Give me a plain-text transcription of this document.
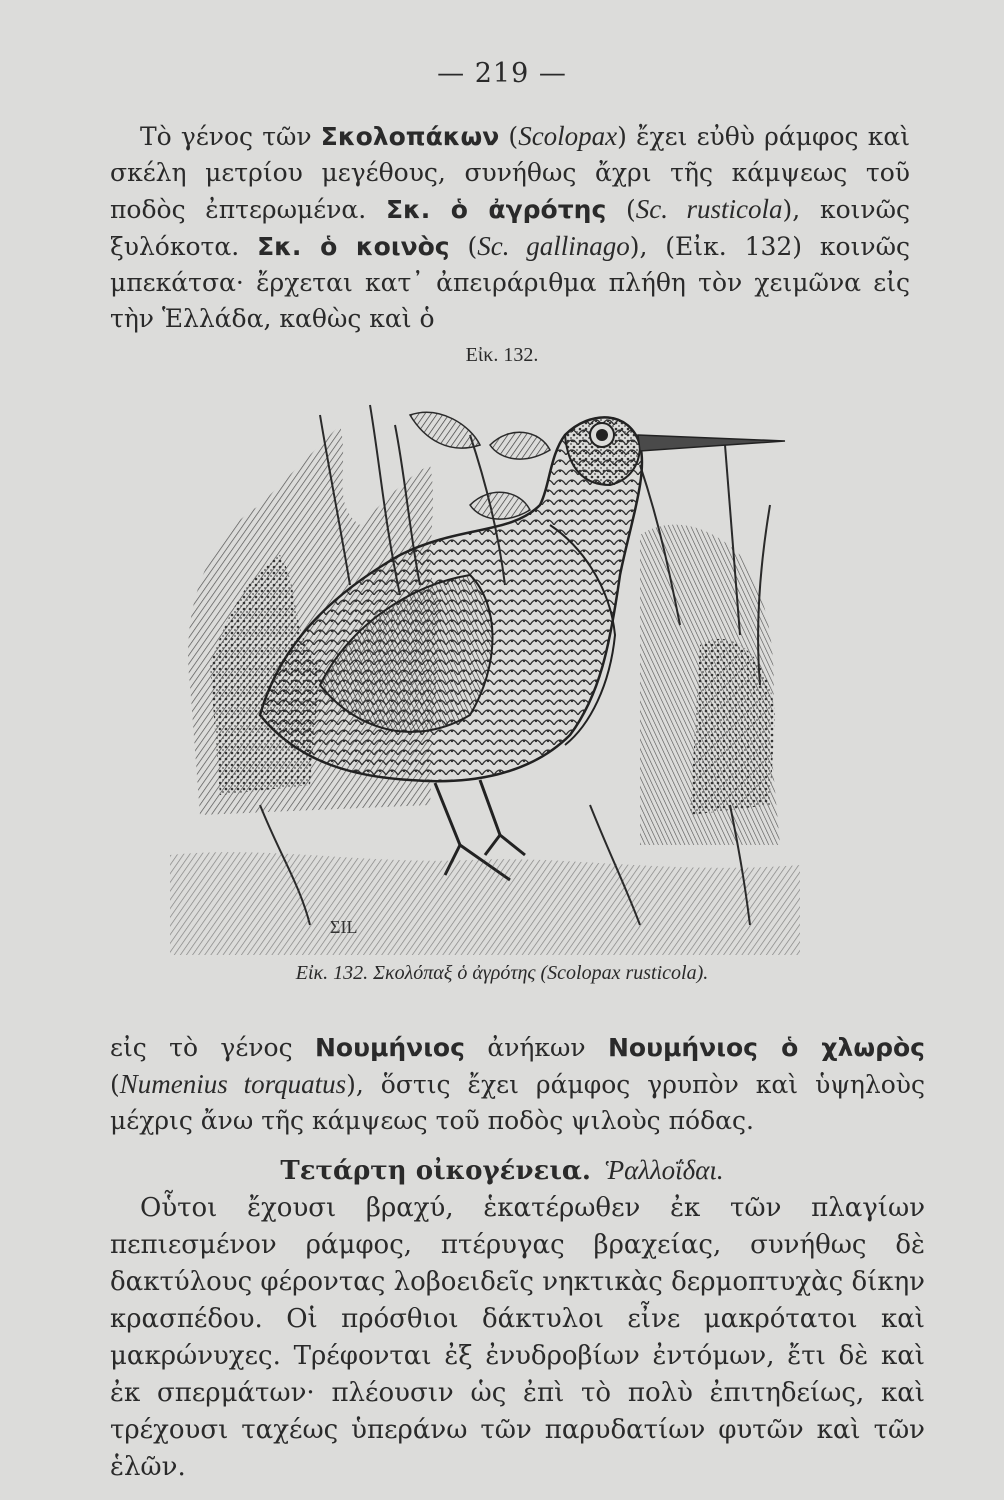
— 219 —
Τὸ γένος τῶν Σκολοπάκων (Scolopax) ἔχει εὐθὺ ράμφος καὶ σκέλη μετρίου μεγέθους, συνήθως ἄχρι τῆς κάμψεως τοῦ ποδὸς ἐπτερωμένα. Σκ. ὁ ἀγρότης (Sc. rusticola), κοινῶς ξυλόκοτα. Σκ. ὁ κοινὸς (Sc. gallinago), (Εἰκ. 132) κοινῶς μπεκάτσα· ἔρχεται κατ᾽ ἀπειράριθμα πλήθη τὸν χειμῶνα εἰς τὴν Ἑλλάδα, καθὼς καὶ ὁ
Εἰκ. 132.
ΣΙL
Εἰκ. 132. Σκολόπαξ ὁ ἀγρότης (Scolopax rusticola).
εἰς τὸ γένος Νουμήνιος ἀνήκων Νουμήνιος ὁ χλωρὸς (Numenius torquatus), ὅστις ἔχει ράμφος γρυπὸν καὶ ὑψηλοὺς μέχρις ἄνω τῆς κάμψεως τοῦ ποδὸς ψιλοὺς πόδας.
Τετάρτη οἰκογένεια. Ῥαλλοΐδαι.
Οὗτοι ἔχουσι βραχύ, ἑκατέρωθεν ἐκ τῶν πλαγίων πεπιεσμένον ράμφος, πτέρυγας βραχείας, συνήθως δὲ δακτύλους φέροντας λοβοειδεῖς νηκτικὰς δερμοπτυχὰς δίκην κρασπέδου. Οἱ πρόσθιοι δάκτυλοι εἶνε μακρότατοι καὶ μακρώνυχες. Τρέφονται ἐξ ἐνυδροβίων ἐντόμων, ἔτι δὲ καὶ ἐκ σπερμάτων· πλέουσιν ὡς ἐπὶ τὸ πολὺ ἐπιτηδείως, καὶ τρέχουσι ταχέως ὑπεράνω τῶν παρυδατίων φυτῶν καὶ τῶν ἑλῶν.
